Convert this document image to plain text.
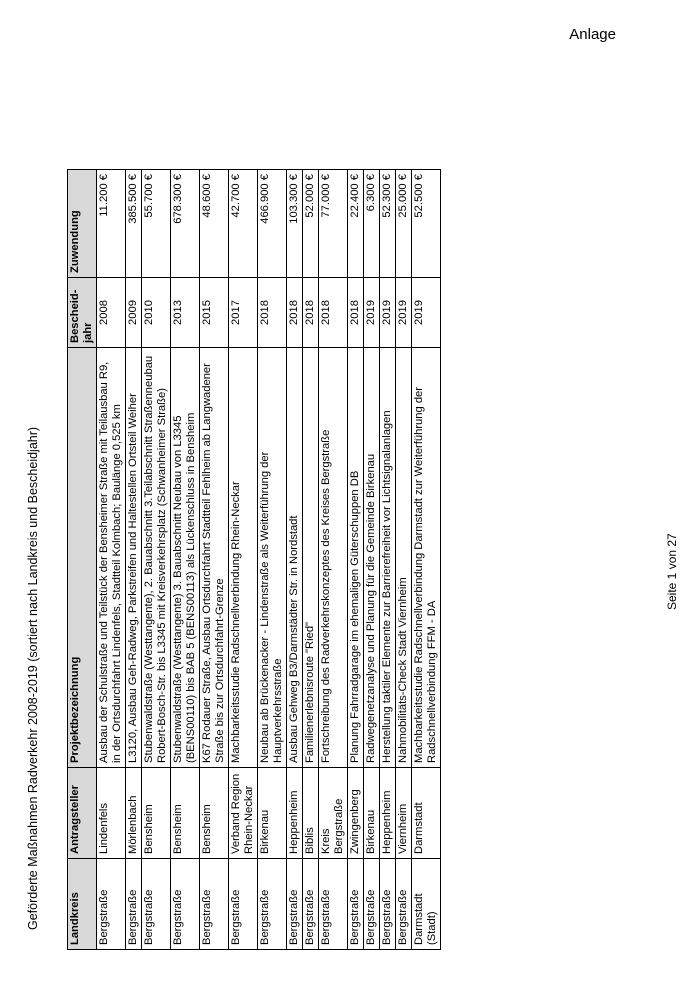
Anlage
Geförderte Maßnahmen Radverkehr 2008-2019 (sortiert nach Landkreis und Bescheidjahr)	Seite 1 von 27
Landkreis	Antragsteller	Projektbezeichnung	Bescheid-jahr	Zuwendung
Bergstraße	Lindenfels	Ausbau der Schulstraße und Teilstück der Bensheimer Straße mit Teilausbau R9, in der Ortsdurchfahrt Lindenfels, Stadtteil Kolmbach; Baulänge 0,525 km	2008	11.200 €
Bergstraße	Mörlenbach	L3120, Ausbau Geh-Radweg, Parkstreifen und Haltestellen Ortsteil Weiher	2009	385.500 €
Bergstraße	Bensheim	Stubenwaldstraße (Westtangente), 2. Bauabschnitt 3.Teilabschnitt Straßenneubau Robert-Bosch-Str. bis L3345 mit Kreisverkehrsplatz (Schwanheimer Straße)	2010	55.700 €
Bergstraße	Bensheim	Stubenwaldstraße (Westtangente) 3. Bauabschnitt Neubau von L3345 (BENS00110) bis BAB 5 (BENS00113) als Lückenschluss in Bensheim	2013	678.300 €
Bergstraße	Bensheim	K67 Rodauer Straße, Ausbau Ortsdurchfahrt Stadtteil Fehlheim ab Langwadener Straße bis zur Ortsdurchfahrt-Grenze	2015	48.600 €
Bergstraße	Verband Region Rhein-Neckar	Machbarkeitsstudie Radschnellverbindung Rhein-Neckar	2017	42.700 €
Bergstraße	Birkenau	Neubau ab Brückenacker - Lindenstraße als Weiterführung der Hauptverkehrsstraße	2018	466.900 €
Bergstraße	Heppenheim	Ausbau Gehweg B3/Darmstädter Str. in Nordstadt	2018	103.300 €
Bergstraße	Biblis	Familienerlebnisroute "Ried"	2018	52.000 €
Bergstraße	Kreis Bergstraße	Fortschreibung des Radverkehrskonzeptes des Kreises Bergstraße	2018	77.000 €
Bergstraße	Zwingenberg	Planung Fahrradgarage im ehemaligen Güterschuppen DB	2018	22.400 €
Bergstraße	Birkenau	Radwegenetzanalyse und Planung für die Gemeinde Birkenau	2019	6.300 €
Bergstraße	Heppenheim	Herstellung taktiler Elemente zur Barrierefreiheit vor Lichtsignalanlagen	2019	52.300 €
Bergstraße	Viernheim	Nahmobilitäts-Check Stadt Viernheim	2019	25.000 €
Darmstadt (Stadt)	Darmstadt	Machbarkeitsstudie Radschnellverbindung Darmstadt zur Weiterführung der Radschnellverbindung FFM - DA	2019	52.500 €
